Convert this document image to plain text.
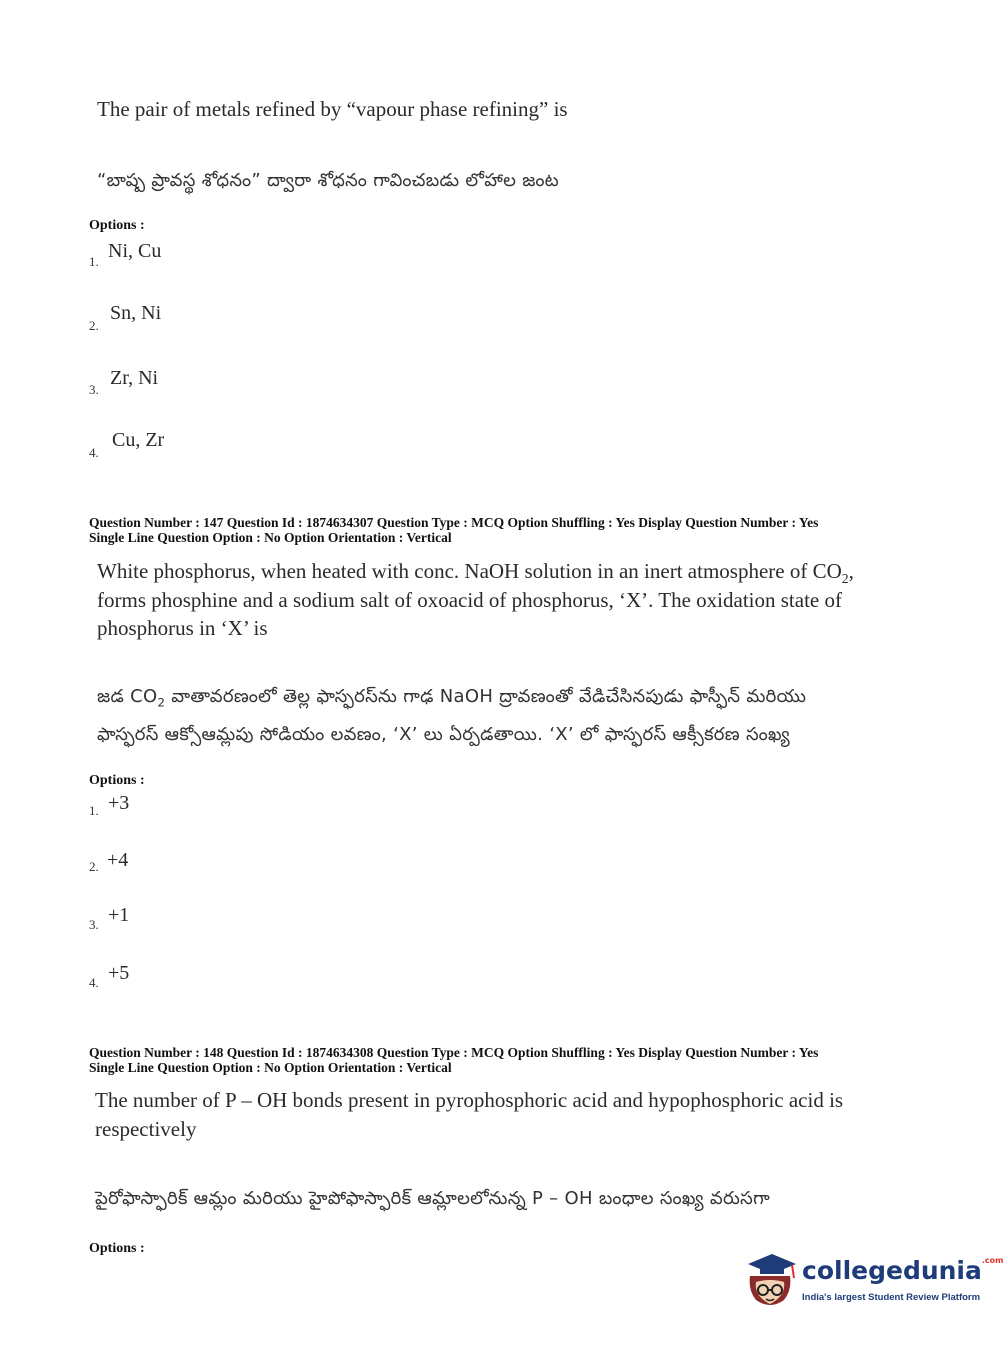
The pair of metals refined by “vapour phase refining” is
“బాష్ప ప్రావస్థ శోధనం” ద్వారా శోధనం గావించబడు లోహాల జంట
Options :
1. Ni, Cu
2.
Sn, Ni
3.
Zr, Ni
4.
Cu, Zr
Question Number : 147 Question Id : 1874634307 Question Type : MCQ Option Shuffling : Yes Display Question Number : Yes
Single Line Question Option : No Option Orientation : Vertical
White phosphorus, when heated with conc. NaOH solution in an inert atmosphere of $CO_2$,
forms phosphine and a sodium salt of oxoacid of phosphorus, ‘X’. The oxidation state of
phosphorus in ‘X’ is
జడ $CO_2$ వాతావరణంలో తెల్ల ఫాస్ఫరస్‌ను గాఢ NaOH ద్రావణంతో వేడిచేసినపుడు ఫాస్ఫీన్ మరియు
ఫాస్ఫరస్ ఆక్సోఆమ్లపు సోడియం లవణం, ‘X’ లు ఏర్పడతాయి. ‘X’ లో ఫాస్ఫరస్ ఆక్సీకరణ సంఖ్య
Options :
1. +3
2. +4
3. +1
4. +5
Question Number : 148 Question Id : 1874634308 Question Type : MCQ Option Shuffling : Yes Display Question Number : Yes
Single Line Question Option : No Option Orientation : Vertical
The number of P – OH bonds present in pyrophosphoric acid and hypophosphoric acid is
respectively
పైరోఫాస్ఫారిక్ ఆమ్లం మరియు హైపోఫాస్ఫారిక్ ఆమ్లాలలోనున్న P – OH బంధాల సంఖ్య వరుసగా
Options :
collegedunia$^{.com}$
India's largest Student Review Platform
